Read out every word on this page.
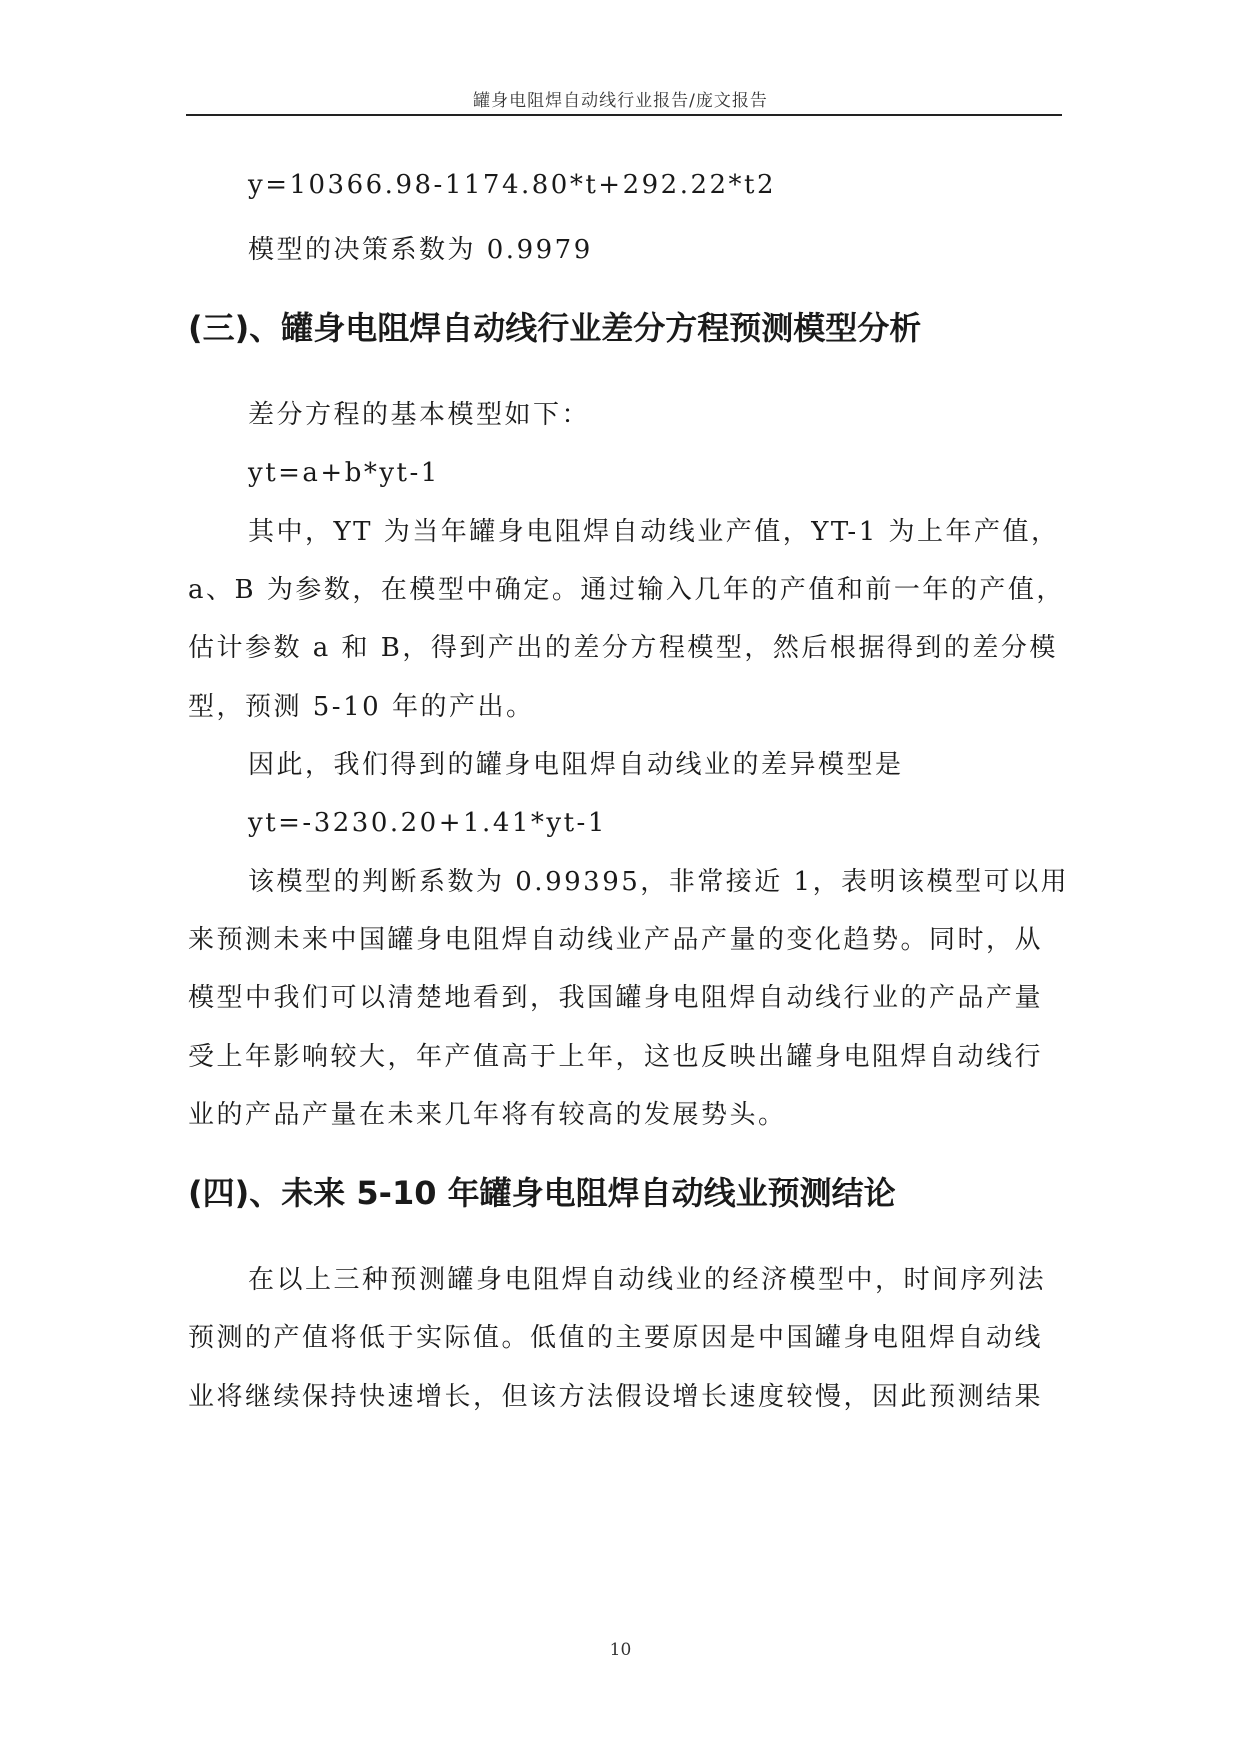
罐身电阻焊自动线行业报告/庞文报告
y=10366.98-1174.80*t+292.22*t2
模型的决策系数为 0.9979
(三)、罐身电阻焊自动线行业差分方程预测模型分析
差分方程的基本模型如下：
yt=a+b*yt-1
其中，YT 为当年罐身电阻焊自动线业产值，YT-1 为上年产值，
a、B 为参数，在模型中确定。通过输入几年的产值和前一年的产值，
估计参数 a 和 B，得到产出的差分方程模型，然后根据得到的差分模
型，预测 5-10 年的产出。
因此，我们得到的罐身电阻焊自动线业的差异模型是
yt=-3230.20+1.41*yt-1
该模型的判断系数为 0.99395，非常接近 1，表明该模型可以用
来预测未来中国罐身电阻焊自动线业产品产量的变化趋势。同时，从
模型中我们可以清楚地看到，我国罐身电阻焊自动线行业的产品产量
受上年影响较大，年产值高于上年，这也反映出罐身电阻焊自动线行
业的产品产量在未来几年将有较高的发展势头。
(四)、未来 5-10 年罐身电阻焊自动线业预测结论
在以上三种预测罐身电阻焊自动线业的经济模型中，时间序列法
预测的产值将低于实际值。低值的主要原因是中国罐身电阻焊自动线
业将继续保持快速增长，但该方法假设增长速度较慢，因此预测结果
10
